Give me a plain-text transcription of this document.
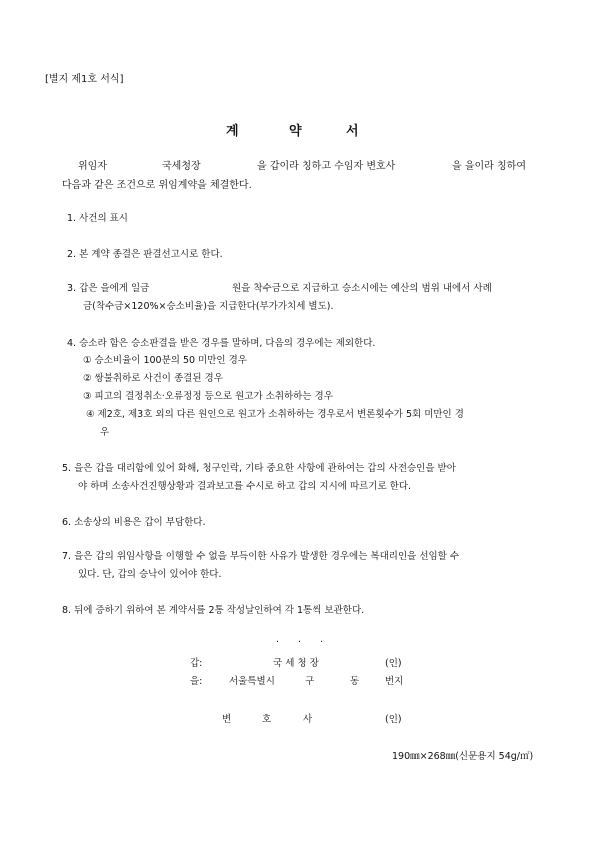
[별지 제1호 서식]
계	약	서
위임자	국세청장	을 갑이라 칭하고 수임자 변호사	을 을이라 칭하여
다음과 같은 조건으로 위임계약을 체결한다.
1. 사건의 표시
2. 본 계약 종결은 판결선고시로 한다.
3. 갑은 을에게 일금	원을 착수금으로 지급하고 승소시에는 예산의 범위 내에서 사례
금(착수금×120%×승소비율)을 지급한다(부가가치세 별도).
4. 승소라 함은 승소판결을 받은 경우를 말하며, 다음의 경우에는 제외한다.
① 승소비율이 100분의 50 미만인 경우
② 쌍불취하로 사건이 종결된 경우
③ 피고의 결정취소·오류정정 등으로 원고가 소취하하는 경우
④ 제2호, 제3호 외의 다른 원인으로 원고가 소취하하는 경우로서 변론횟수가 5회 미만인 경
우
5. 을은 갑을 대리함에 있어 화해, 청구인락, 기타 중요한 사항에 관하여는 갑의 사전승인을 받아
야 하며 소송사건진행상황과 결과보고를 수시로 하고 갑의 지시에 따르기로 한다.
6. 소송상의 비용은 갑이 부담한다.
7. 을은 갑의 위임사항을 이행할 수 없을 부득이한 사유가 발생한 경우에는 복대리인을 선임할 수
있다. 단, 갑의 승낙이 있어야 한다.
8. 뒤에 증하기 위하여 본 계약서를 2통 작성날인하여 각 1통씩 보관한다.
. . .
갑:	국 세 청 장	(인)
을:	서울특별시	구	동	번지
변	호	사	(인)
190㎜×268㎜(신문용지 54g/㎡)
